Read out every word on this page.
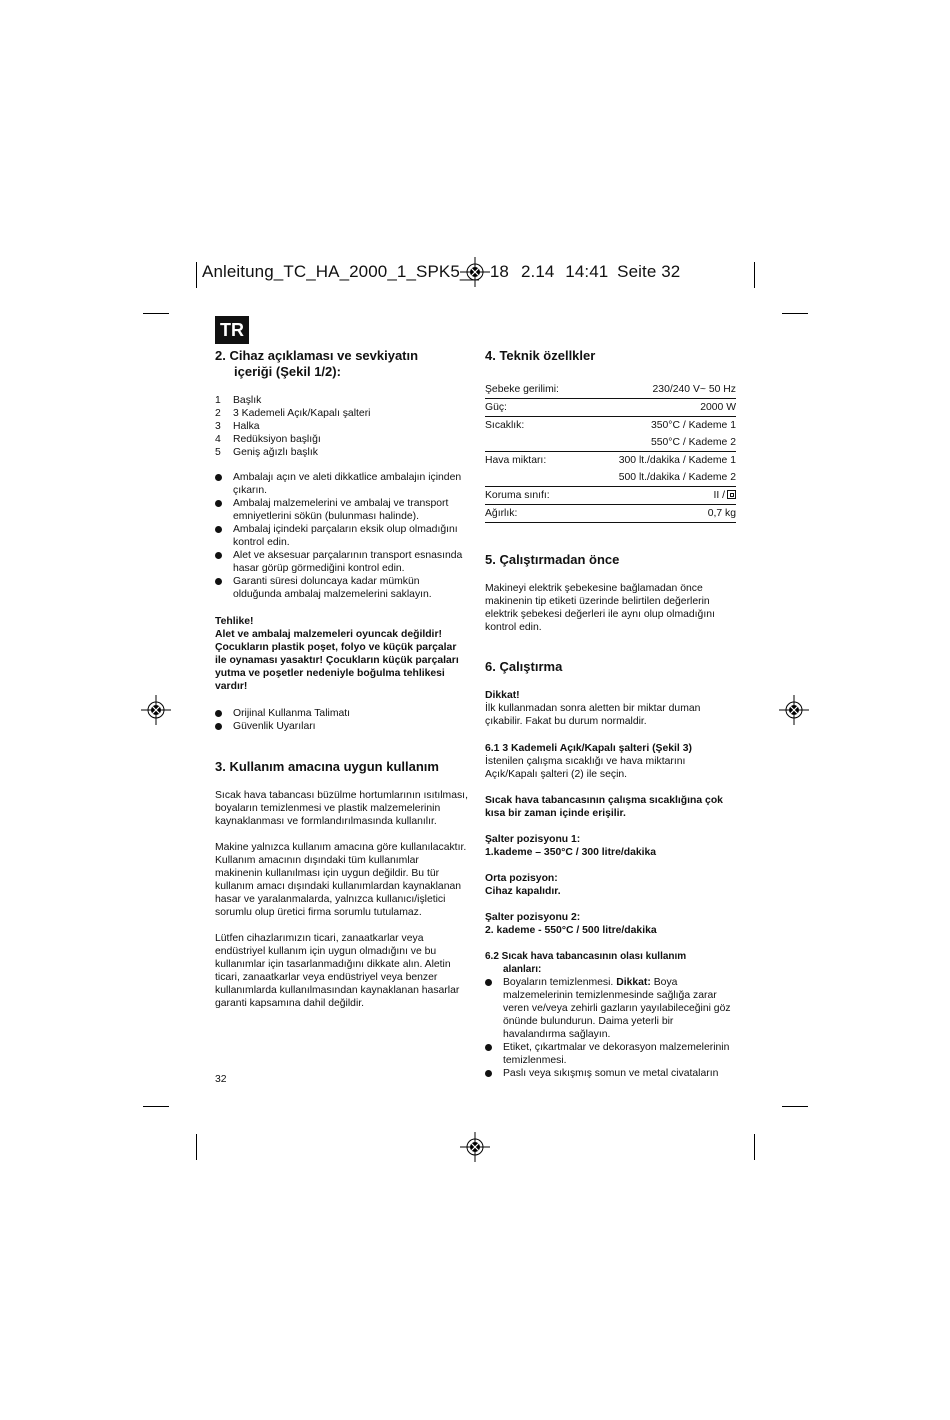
Anleitung_TC_HA_2000_1_SPK5__ 18 2.14 14:41 Seite 32
TR
2. Cihaz açıklaması ve sevkiyatın
içeriği (Şekil 1/2):
1	Başlık
2	3 Kademeli Açık/Kapalı şalteri
3	Halka
4	Redüksiyon başlığı
5	Geniş ağızlı başlık
Ambalajı açın ve aleti dikkatlice ambalajın içinden çıkarın.
Ambalaj malzemelerini ve ambalaj ve transport emniyetlerini sökün (bulunması halinde).
Ambalaj içindeki parçaların eksik olup olmadığını kontrol edin.
Alet ve aksesuar parçalarının transport esnasında hasar görüp görmediğini kontrol edin.
Garanti süresi doluncaya kadar mümkün olduğunda ambalaj malzemelerini saklayın.
Tehlike!
Alet ve ambalaj malzemeleri oyuncak değildir! Çocukların plastik poşet, folyo ve küçük parçalar ile oynaması yasaktır! Çocukların küçük parçaları yutma ve poşetler nedeniyle boğulma tehlikesi vardır!
Orijinal Kullanma Talimatı
Güvenlik Uyarıları
3. Kullanım amacına uygun kullanım

Sıcak hava tabancası büzülme hortumlarının ısıtılması, boyaların temizlenmesi ve plastik malzemelerinin kaynaklanması ve formlandırılmasında kullanılır.

Makine yalnızca kullanım amacına göre kullanılacaktır. Kullanım amacının dışındaki tüm kullanımlar makinenin kullanılması için uygun değildir. Bu tür kullanım amacı dışındaki kullanımlardan kaynaklanan hasar ve yaralanmalarda, yalnızca kullanıcı/işletici sorumlu olup üretici firma sorumlu tutulamaz.

Lütfen cihazlarımızın ticari, zanaatkarlar veya endüstriyel kullanım için uygun olmadığını ve bu kullanımlar için tasarlanmadığını dikkate alın. Aletin ticari, zanaatkarlar veya endüstriyel veya benzer kullanımlarda kullanılmasından kaynaklanan hasarlar garanti kapsamına dahil değildir.

32
4. Teknik özellkler
Şebeke gerilimi:	230/240 V~ 50 Hz
Güç:	2000 W
Sıcaklık:	350°C / Kademe 1
	550°C / Kademe 2
Hava miktarı:	300 lt./dakika / Kademe 1
	500 lt./dakika / Kademe 2
Koruma sınıfı:	II /
Ağırlık:	0,7 kg
5. Çalıştırmadan önce

Makineyi elektrik şebekesine bağlamadan önce makinenin tip etiketi üzerinde belirtilen değerlerin elektrik şebekesi değerleri ile aynı olup olmadığını kontrol edin.

6. Çalıştırma
Dikkat!

İlk kullanmadan sonra aletten bir miktar duman çıkabilir. Fakat bu durum normaldir.

6.1 3 Kademeli Açık/Kapalı şalteri (Şekil 3)

İstenilen çalışma sıcaklığı ve hava miktarını Açık/Kapalı şalteri (2) ile seçin.

Sıcak hava tabancasının çalışma sıcaklığına çok kısa bir zaman içinde erişilir.

Şalter pozisyonu 1:
1.kademe – 350°C / 300 litre/dakika
Orta pozisyon:
Cihaz kapalıdır.
Şalter pozisyonu 2:
2. kademe - 550°C / 500 litre/dakika
6.2 Sıcak hava tabancasının olası kullanım
alanları:
Boyaların temizlenmesi. Dikkat: Boya malzemelerinin temizlenmesinde sağlığa zarar veren ve/veya zehirli gazların yayılabileceğini göz önünde bulundurun. Daima yeterli bir havalandırma sağlayın.
Etiket, çıkartmalar ve dekorasyon malzemelerinin temizlenmesi.
Paslı veya sıkışmış somun ve metal civataların
